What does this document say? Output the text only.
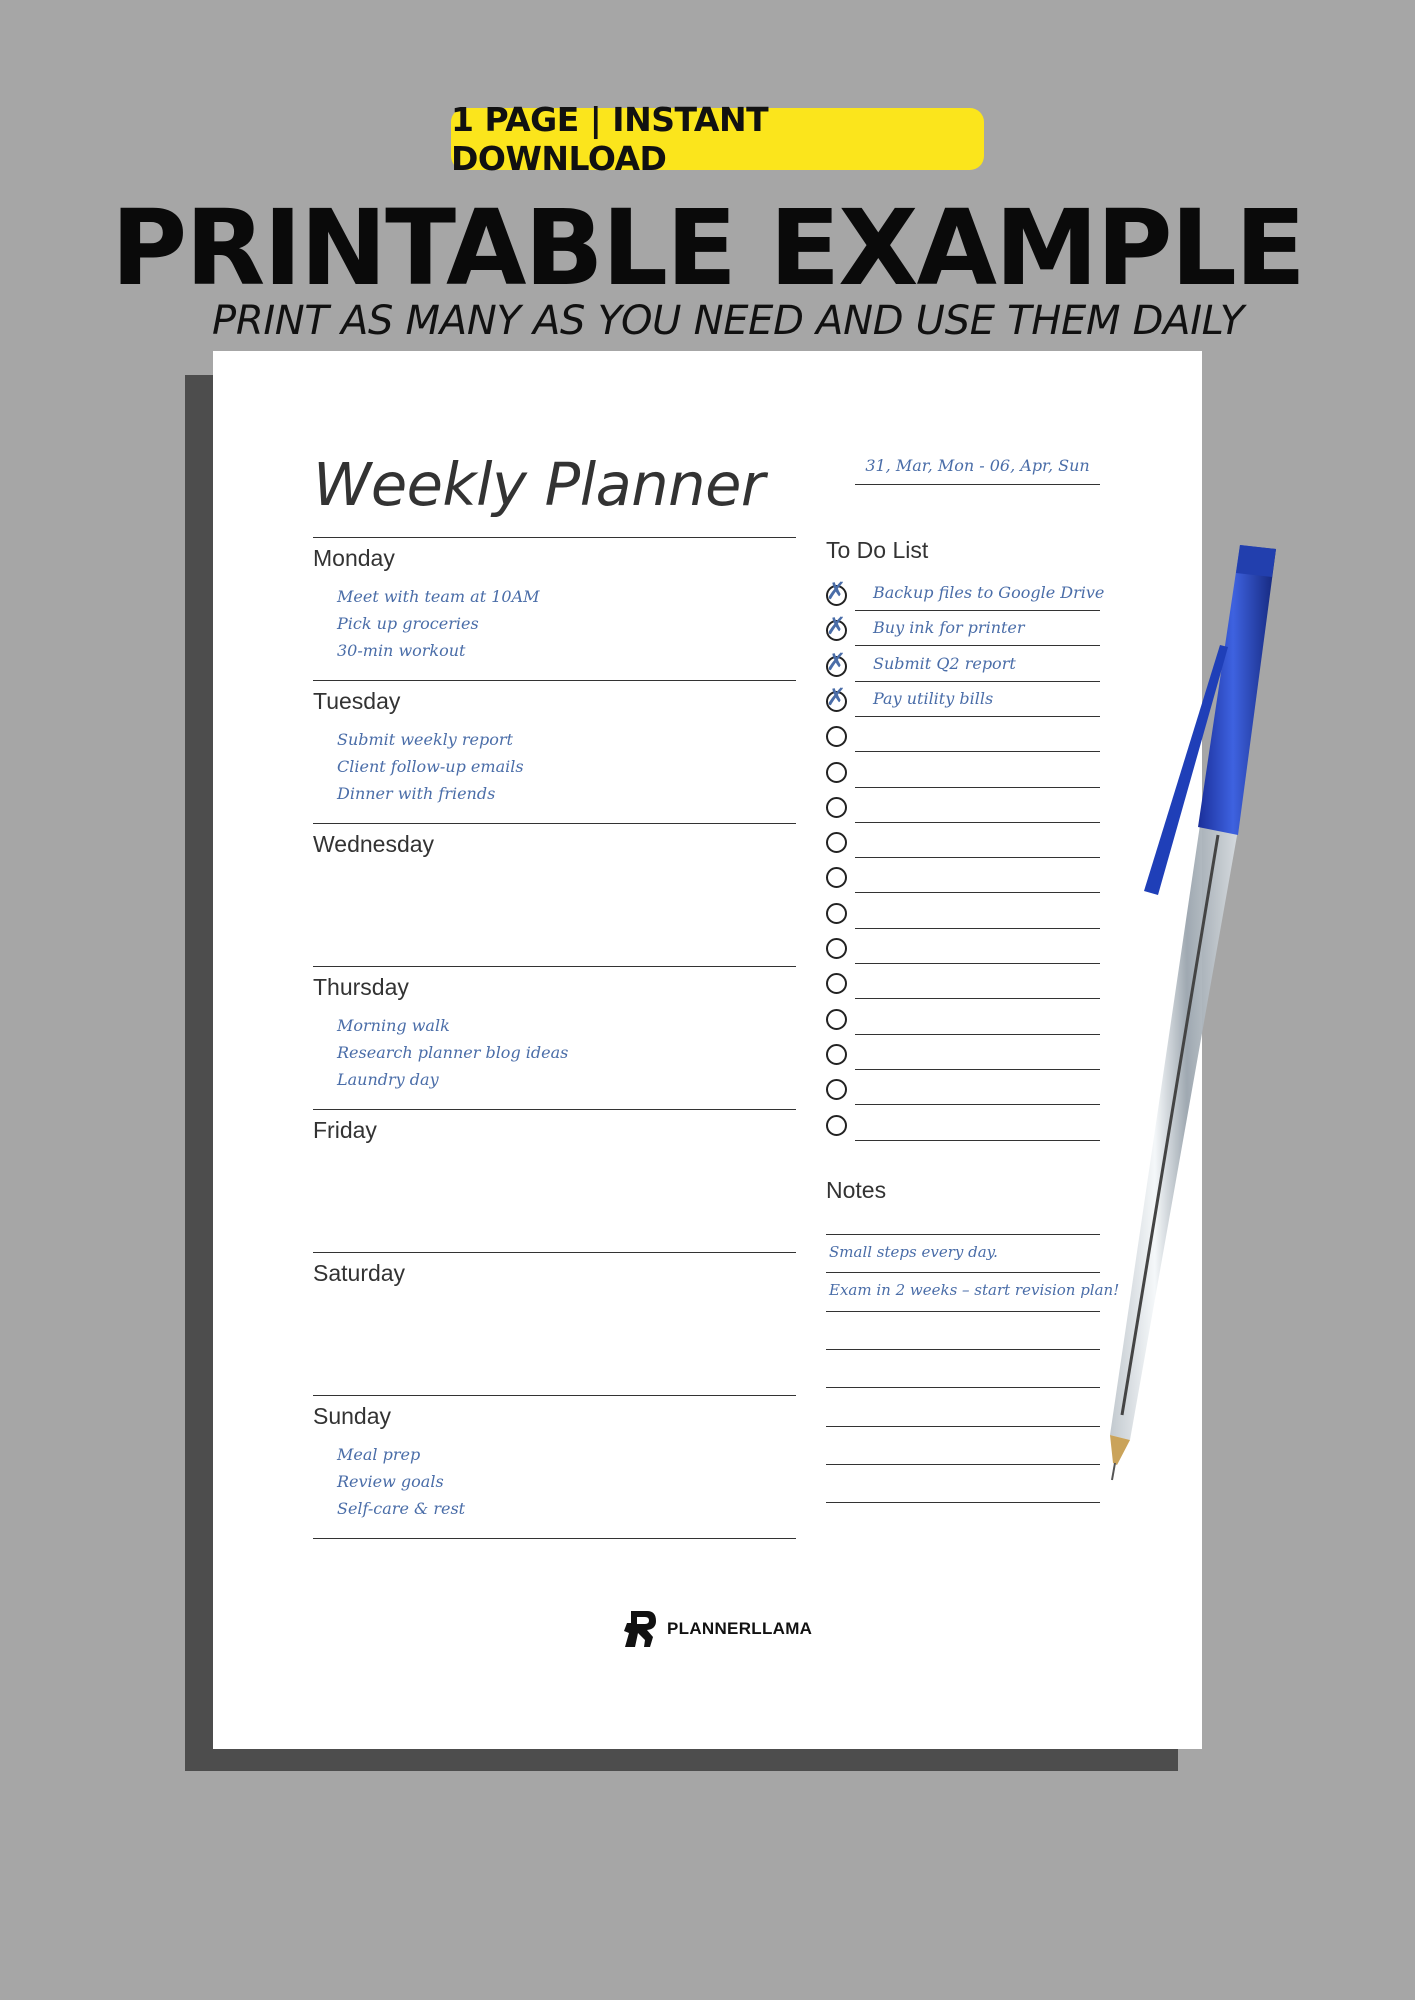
1 PAGE | INSTANT DOWNLOAD
PRINTABLE EXAMPLE
PRINT AS MANY AS YOU NEED AND USE THEM DAILY
Weekly Planner	31, Mar, Mon - 06, Apr, Sun
To Do List
Notes
PLANNERLLAMA
Monday
Meet with team at 10AM
Pick up groceries
30-min workout
Tuesday
Submit weekly report
Client follow-up emails
Dinner with friends
Wednesday
Thursday
Morning walk
Research planner blog ideas
Laundry day
Friday
Saturday
Sunday
Meal prep
Review goals
Self-care & rest
✗ Backup files to Google Drive
✗ Buy ink for printer
✗ Submit Q2 report
✗ Pay utility bills
Small steps every day.
Exam in 2 weeks – start revision plan!
